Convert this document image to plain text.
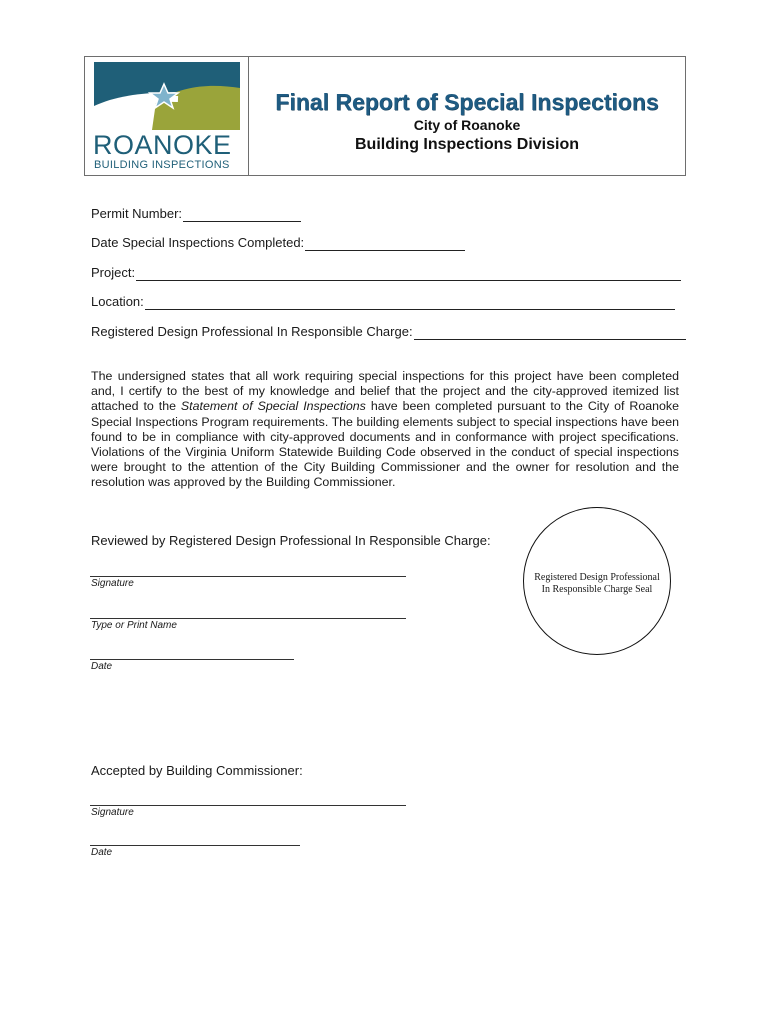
ROANOKE
BUILDING INSPECTIONS
Final Report of Special Inspections
City of Roanoke
Building Inspections Division
Permit Number:
Date Special Inspections Completed:
Project:
Location:
Registered Design Professional In Responsible Charge:
The undersigned states that all work requiring special inspections for this project have been completed and, I certify to the best of my knowledge and belief that the project and the city-approved itemized list attached to the Statement of Special Inspections have been completed pursuant to the City of Roanoke Special Inspections Program requirements. The building elements subject to special inspections have been found to be in compliance with city-approved documents and in conformance with project specifications. Violations of the Virginia Uniform Statewide Building Code observed in the conduct of special inspections were brought to the attention of the City Building Commissioner and the owner for resolution and the resolution was approved by the Building Commissioner.
Reviewed by Registered Design Professional In Responsible Charge:
Signature
Type or Print Name
Date
Registered Design Professional
In Responsible Charge Seal
Accepted by Building Commissioner:
Signature
Date
